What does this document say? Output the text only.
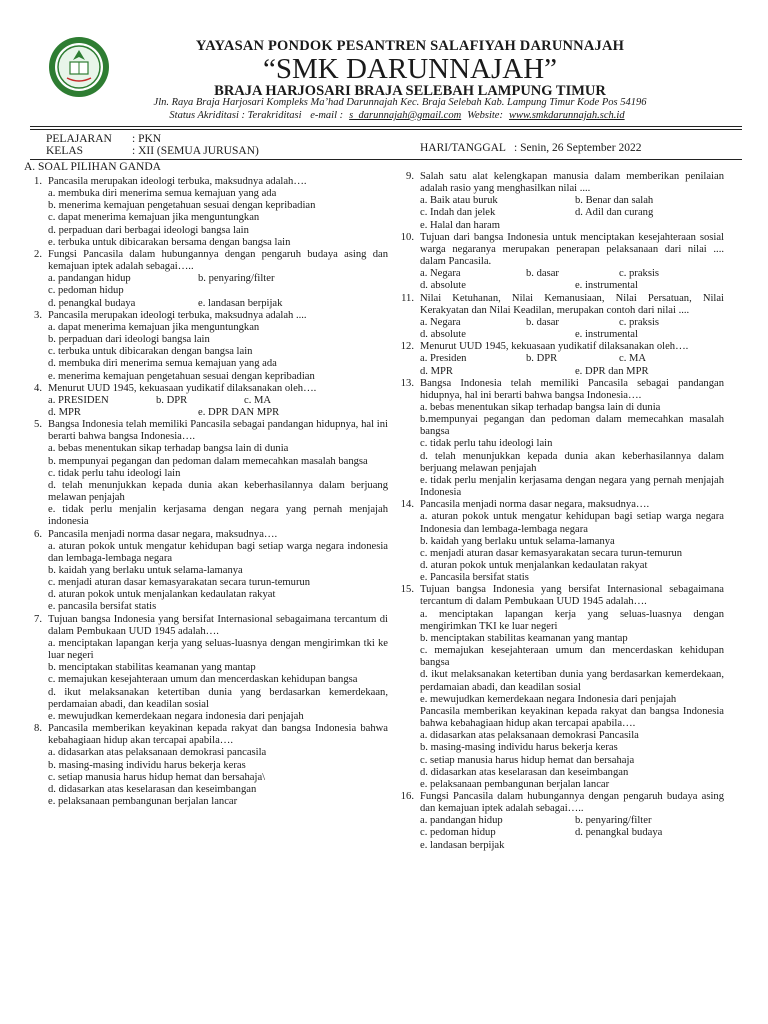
YAYASAN PONDOK PESANTREN SALAFIYAH DARUNNAJAH
“SMK DARUNNAJAH”
BRAJA HARJOSARI BRAJA SELEBAH LAMPUNG TIMUR
Jln. Raya Braja Harjosari Kompleks Ma’had Darunnajah Kec. Braja Selebah Kab. Lampung Timur Kode Pos 54196
Status Akriditasi : Terakriditasi e-mail : s_darunnajah@gmail.com Website: www.smkdarunnajah.sch.id
PELAJARAN : PKN
KELAS	: XII (SEMUA JURUSAN)	HARI/TANGGAL : Senin, 26 September 2022
A. SOAL PILIHAN GANDA
1. Pancasila merupakan ideologi terbuka, maksudnya adalah….
a. membuka diri menerima semua kemajuan yang ada
b. menerima kemajuan pengetahuan sesuai dengan kepribadian
c. dapat menerima kemajuan jika menguntungkan
d. perpaduan dari berbagai ideologi bangsa lain
e. terbuka untuk dibicarakan bersama dengan bangsa lain
2. Fungsi Pancasila dalam hubungannya dengan pengaruh budaya asing dan kemajuan iptek adalah sebagai…..
a. pandangan hidup	b. penyaring/filter
c. pedoman hidup
d. penangkal budaya	e. landasan berpijak
3. Pancasila merupakan ideologi terbuka, maksudnya adalah ....
a. dapat menerima kemajuan jika menguntungkan
b. perpaduan dari ideologi bangsa lain
c. terbuka untuk dibicarakan dengan bangsa lain
d. membuka diri menerima semua kemajuan yang ada
e. menerima kemajuan pengetahuan sesuai dengan kepribadian
4. Menurut UUD 1945, kekuasaan yudikatif dilaksanakan oleh….
a. PRESIDEN	b. DPR	c. MA
d. MPR	e. DPR DAN MPR
5. Bangsa Indonesia telah memiliki Pancasila sebagai pandangan hidupnya, hal ini berarti bahwa bangsa Indonesia….
a. bebas menentukan sikap terhadap bangsa lain di dunia
b. mempunyai pegangan dan pedoman dalam memecahkan masalah bangsa
c. tidak perlu tahu ideologi lain
d. telah menunjukkan kepada dunia akan keberhasilannya dalam berjuang melawan penjajah
e. tidak perlu menjalin kerjasama dengan negara yang pernah menjajah indonesia
6. Pancasila menjadi norma dasar negara, maksudnya….
a. aturan pokok untuk mengatur kehidupan bagi setiap warga negara indonesia dan lembaga-lembaga negara
b. kaidah yang berlaku untuk selama-lamanya
c. menjadi aturan dasar kemasyarakatan secara turun-temurun
d. aturan pokok untuk menjalankan kedaulatan rakyat
e. pancasila bersifat statis
7. Tujuan bangsa Indonesia yang bersifat Internasional sebagaimana tercantum di dalam Pembukaan UUD 1945 adalah….
a. menciptakan lapangan kerja yang seluas-luasnya dengan mengirimkan tki ke luar negeri
b. menciptakan stabilitas keamanan yang mantap
c. memajukan kesejahteraan umum dan mencerdaskan kehidupan bangsa
d. ikut melaksanakan ketertiban dunia yang berdasarkan kemerdekaan, perdamaian abadi, dan keadilan sosial
e. mewujudkan kemerdekaan negara indonesia dari penjajah
8. Pancasila memberikan keyakinan kepada rakyat dan bangsa Indonesia bahwa kebahagiaan hidup akan tercapai apabila….
a. didasarkan atas pelaksanaan demokrasi pancasila
b. masing-masing individu harus bekerja keras
c. setiap manusia harus hidup hemat dan bersahaja\
d. didasarkan atas keselarasan dan keseimbangan
e. pelaksanaan pembangunan berjalan lancar
9. Salah satu alat kelengkapan manusia dalam memberikan penilaian adalah rasio yang menghasilkan nilai ....
a. Baik atau buruk	b. Benar dan salah
c. Indah dan jelek	d. Adil dan curang
e. Halal dan haram
10. Tujuan dari bangsa Indonesia untuk menciptakan kesejahteraan sosial warga negaranya merupakan penerapan pelaksanaan dari nilai .... dalam Pancasila.
a. Negara	b. dasar	c. praksis
d. absolute	e. instrumental
11. Nilai Ketuhanan, Nilai Kemanusiaan, Nilai Persatuan, Nilai Kerakyatan dan Nilai Keadilan, merupakan contoh dari nilai ....
a. Negara	b. dasar	c. praksis
d. absolute	e. instrumental
12. Menurut UUD 1945, kekuasaan yudikatif dilaksanakan oleh….
a. Presiden	b. DPR	c. MA
d. MPR	e. DPR dan MPR
13. Bangsa Indonesia telah memiliki Pancasila sebagai pandangan hidupnya, hal ini berarti bahwa bangsa Indonesia….
a. bebas menentukan sikap terhadap bangsa lain di dunia
b.mempunyai pegangan dan pedoman dalam memecahkan masalah bangsa
c. tidak perlu tahu ideologi lain
d. telah menunjukkan kepada dunia akan keberhasilannya dalam berjuang melawan penjajah
e. tidak perlu menjalin kerjasama dengan negara yang pernah menjajah Indonesia
14. Pancasila menjadi norma dasar negara, maksudnya….
a. aturan pokok untuk mengatur kehidupan bagi setiap warga negara Indonesia dan lembaga-lembaga negara
b. kaidah yang berlaku untuk selama-lamanya
c. menjadi aturan dasar kemasyarakatan secara turun-temurun
d. aturan pokok untuk menjalankan kedaulatan rakyat
e. Pancasila bersifat statis
15. Tujuan bangsa Indonesia yang bersifat Internasional sebagaimana tercantum di dalam Pembukaan UUD 1945 adalah….
a. menciptakan lapangan kerja yang seluas-luasnya dengan mengirimkan TKI ke luar negeri
b. menciptakan stabilitas keamanan yang mantap
c. memajukan kesejahteraan umum dan mencerdaskan kehidupan bangsa
d. ikut melaksanakan ketertiban dunia yang berdasarkan kemerdekaan, perdamaian abadi, dan keadilan sosial
e. mewujudkan kemerdekaan negara Indonesia dari penjajah
Pancasila memberikan keyakinan kepada rakyat dan bangsa Indonesia bahwa kebahagiaan hidup akan tercapai apabila….
a. didasarkan atas pelaksanaan demokrasi Pancasila
b. masing-masing individu harus bekerja keras
c. setiap manusia harus hidup hemat dan bersahaja
d. didasarkan atas keselarasan dan keseimbangan
e. pelaksanaan pembangunan berjalan lancar
16. Fungsi Pancasila dalam hubungannya dengan pengaruh budaya asing dan kemajuan iptek adalah sebagai…..
a. pandangan hidup	b. penyaring/filter
c. pedoman hidup	d. penangkal budaya
e. landasan berpijak
